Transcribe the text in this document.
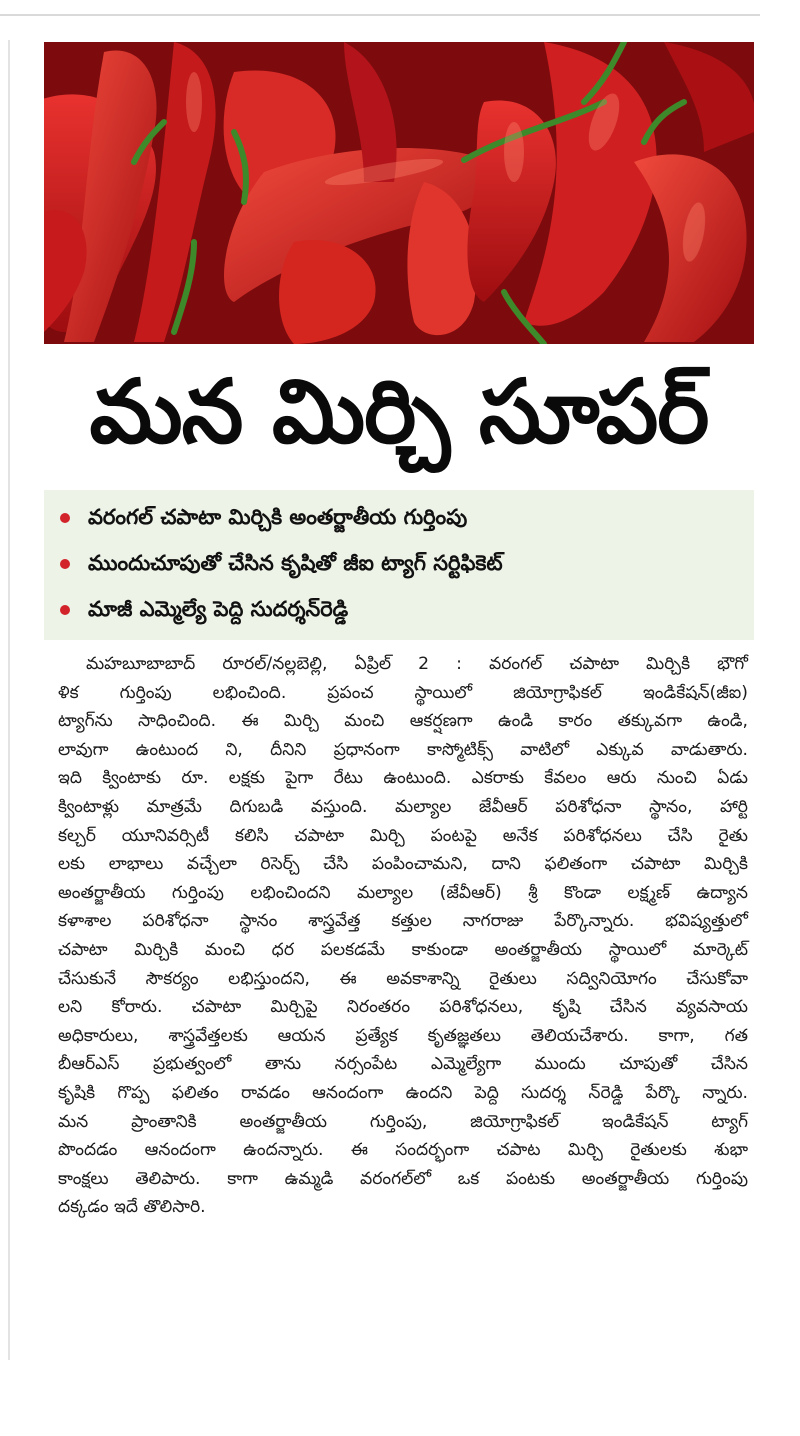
మన మిర్చి సూపర్
వరంగల్ చపాటా మిర్చికి అంతర్జాతీయ గుర్తింపు
ముందుచూపుతో చేసిన కృషితో జీఐ ట్యాగ్ సర్టిఫికెట్
మాజీ ఎమ్మెల్యే పెద్ది సుదర్శన్‌రెడ్డి
మహబూబాబాద్ రూరల్/నల్లబెల్లి, ఏప్రిల్ 2 : వరంగల్ చపాటా మిర్చికి భౌగో
ళిక గుర్తింపు లభించింది. ప్రపంచ స్థాయిలో జియోగ్రాఫికల్ ఇండికేషన్(జీఐ)
ట్యాగ్‌ను సాధించింది. ఈ మిర్చి మంచి ఆకర్షణగా ఉండి కారం తక్కువగా ఉండి,
లావుగా ఉంటుంద ని, దీనిని ప్రధానంగా కాస్మోటిక్స్ వాటిలో ఎక్కువ వాడుతారు.
ఇది క్వింటాకు రూ. లక్షకు పైగా రేటు ఉంటుంది. ఎకరాకు కేవలం ఆరు నుంచి ఏడు
క్వింటాళ్లు మాత్రమే దిగుబడి వస్తుంది. మల్యాల జేవీఆర్ పరిశోధనా స్థానం, హార్టి
కల్చర్ యూనివర్సిటీ కలిసి చపాటా మిర్చి పంటపై అనేక పరిశోధనలు చేసి రైతు
లకు లాభాలు వచ్చేలా రిసెర్చ్ చేసి పంపించామని, దాని ఫలితంగా చపాటా మిర్చికి
అంతర్జాతీయ గుర్తింపు లభించిందని మల్యాల (జేవీఆర్) శ్రీ కొండా లక్ష్మణ్ ఉద్యాన
కళాశాల పరిశోధనా స్థానం శాస్త్రవేత్త కత్తుల నాగరాజు పేర్కొన్నారు. భవిష్యత్తులో
చపాటా మిర్చికి మంచి ధర పలకడమే కాకుండా అంతర్జాతీయ స్థాయిలో మార్కెట్
చేసుకునే సౌకర్యం లభిస్తుందని, ఈ అవకాశాన్ని రైతులు సద్వినియోగం చేసుకోవా
లని కోరారు. చపాటా మిర్చిపై నిరంతరం పరిశోధనలు, కృషి చేసిన వ్యవసాయ
అధికారులు, శాస్త్రవేత్తలకు ఆయన ప్రత్యేక కృతజ్ఞతలు తెలియచేశారు. కాగా, గత
బీఆర్‌ఎస్ ప్రభుత్వంలో తాను నర్సంపేట ఎమ్మెల్యేగా ముందు చూపుతో చేసిన
కృషికి గొప్ప ఫలితం రావడం ఆనందంగా ఉందని పెద్ది సుదర్శ న్‌రెడ్డి పేర్కొ న్నారు.
మన ప్రాంతానికి అంతర్జాతీయ గుర్తింపు, జియోగ్రాఫికల్ ఇండికేషన్ ట్యాగ్
పొందడం ఆనందంగా ఉందన్నారు. ఈ సందర్భంగా చపాట మిర్చి రైతులకు శుభా
కాంక్షలు తెలిపారు. కాగా ఉమ్మడి వరంగల్‌లో ఒక పంటకు అంతర్జాతీయ గుర్తింపు
దక్కడం ఇదే తొలిసారి.
